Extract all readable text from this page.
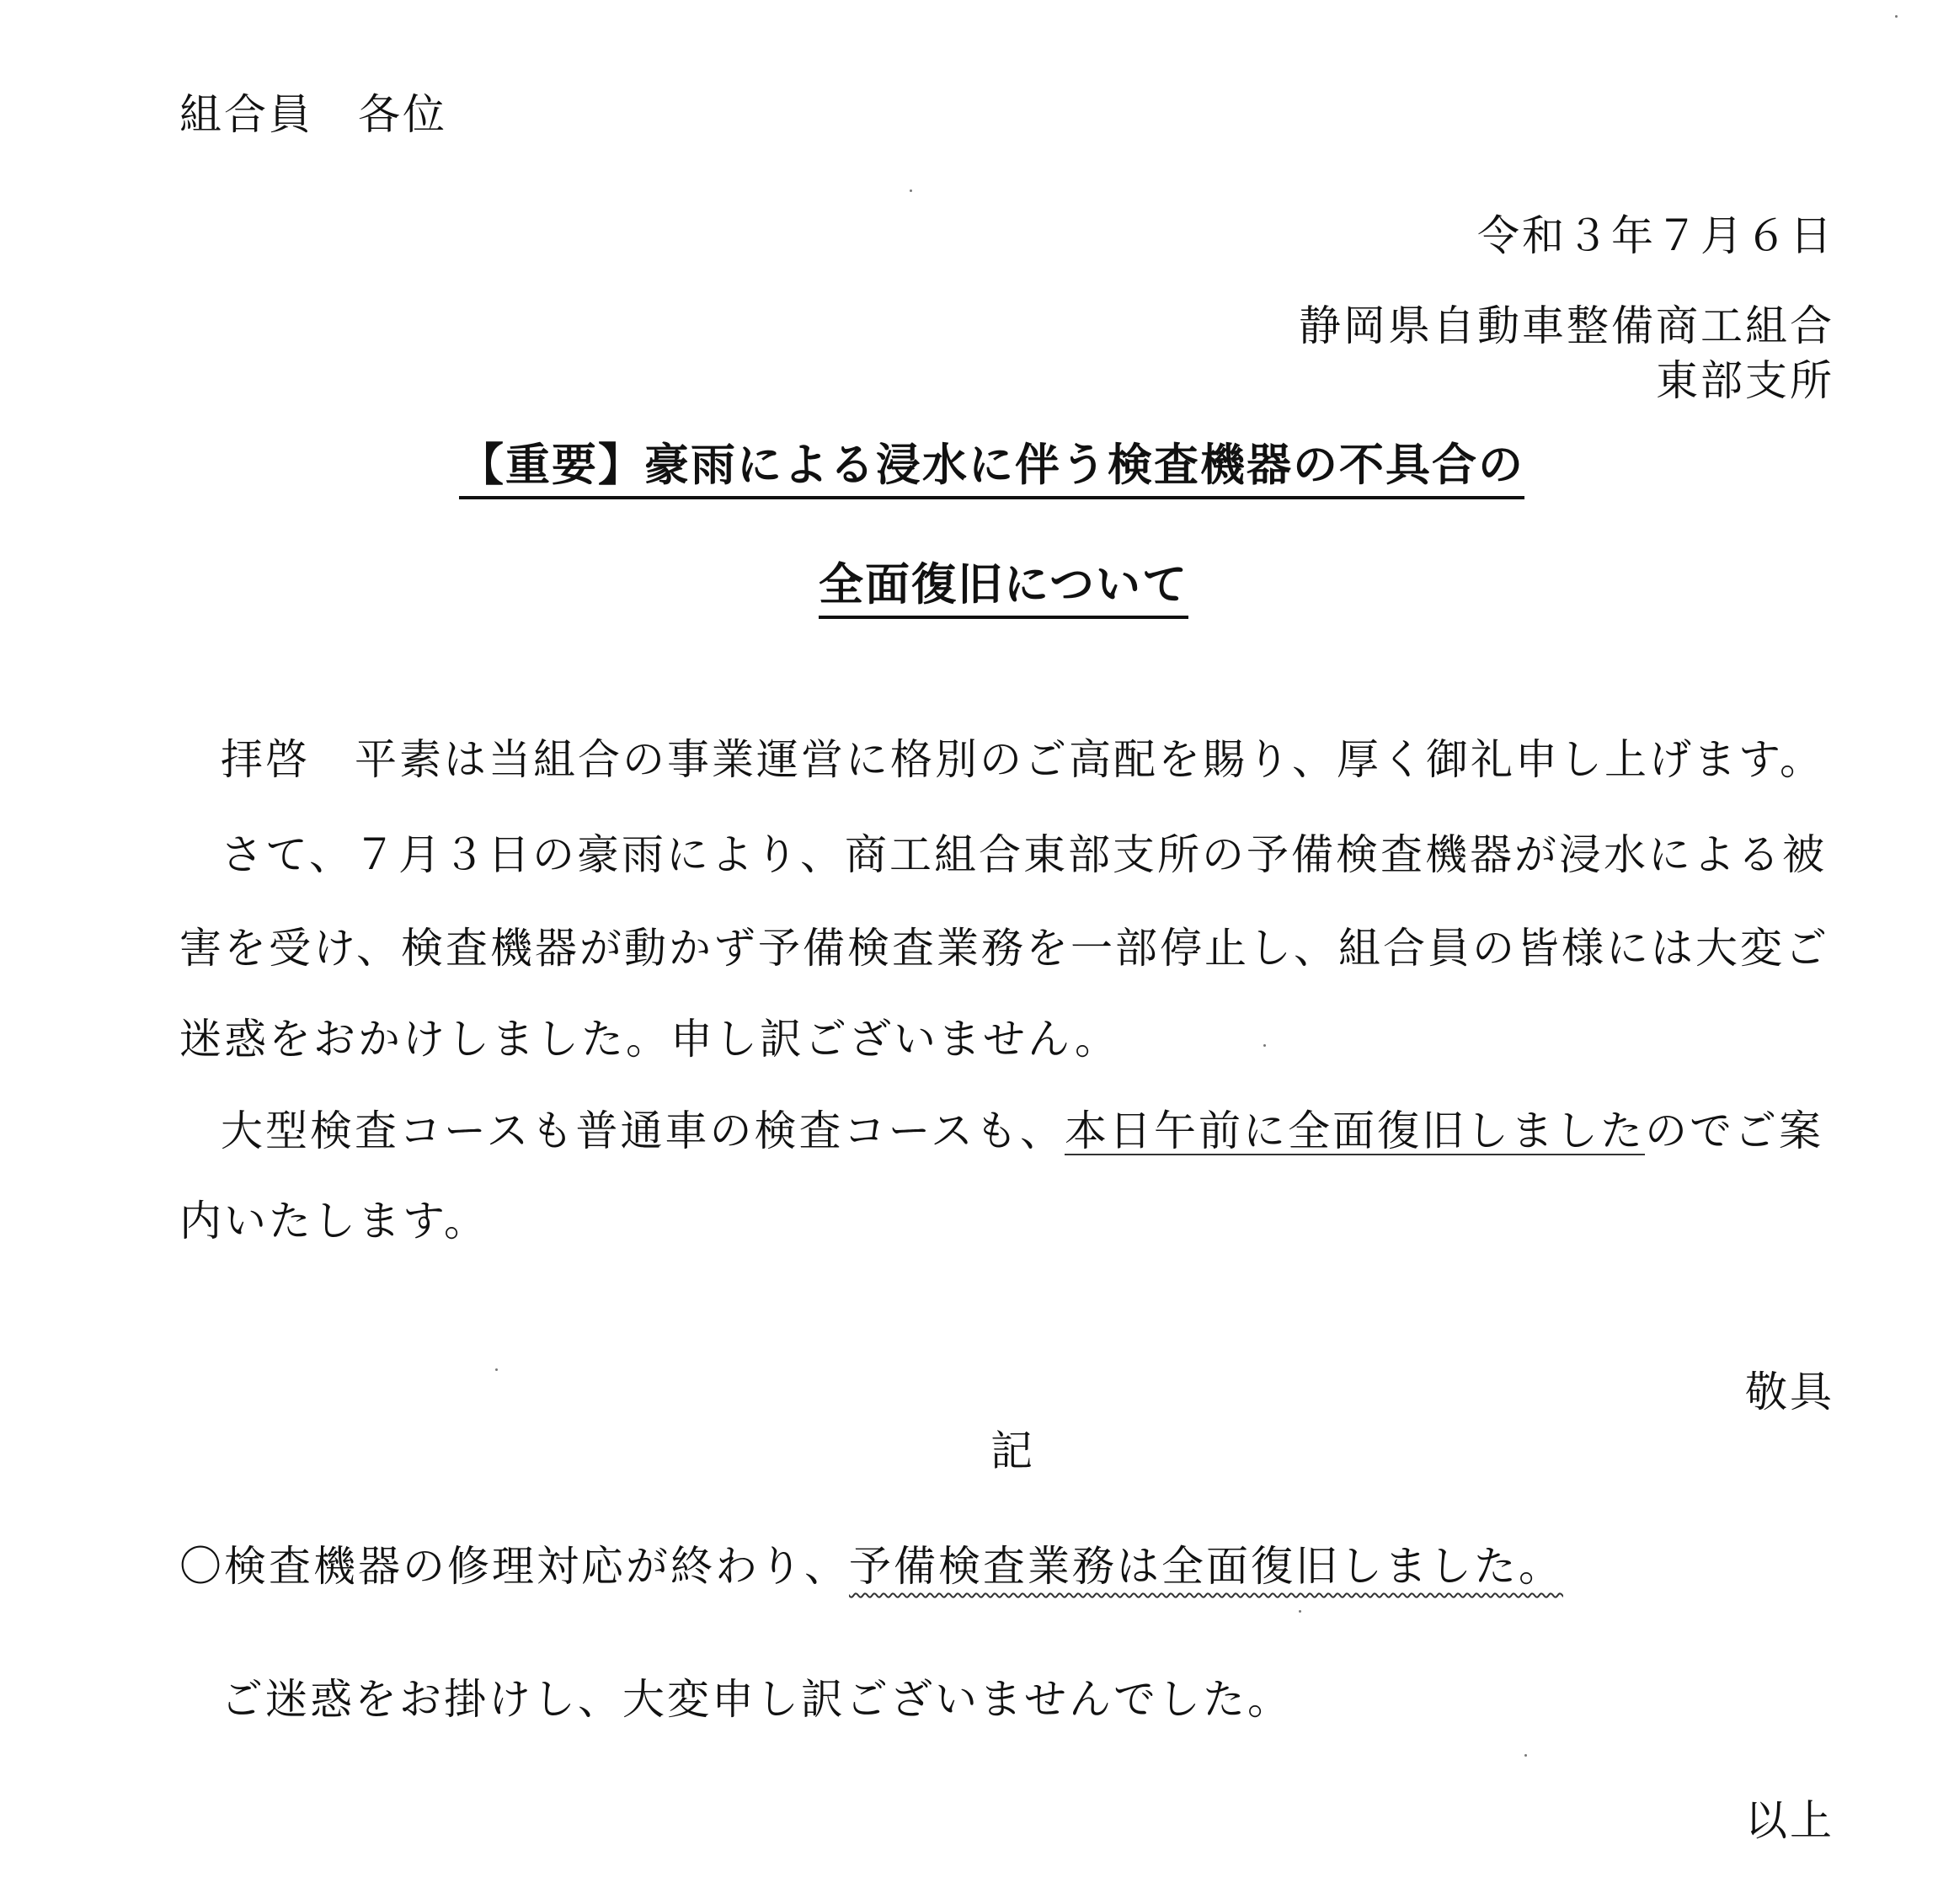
組合員　各位
令和３年７月６日
静岡県自動車整備商工組合
東部支所
【重要】豪雨による浸水に伴う検査機器の不具合の
全面復旧について
拝啓　平素は当組合の事業運営に格別のご高配を賜り、厚く御礼申し上げます。
さて、７月３日の豪雨により、商工組合東部支所の予備検査機器が浸水による被
害を受け、検査機器が動かず予備検査業務を一部停止し、組合員の皆様には大変ご
迷惑をおかけしました。申し訳ございません。
大型検査コースも普通車の検査コースも、本日午前に全面復旧しましたのでご案
内いたします。
敬具
記
〇検査機器の修理対応が終わり、予備検査業務は全面復旧しました。
ご迷惑をお掛けし、大変申し訳ございませんでした。
以上
